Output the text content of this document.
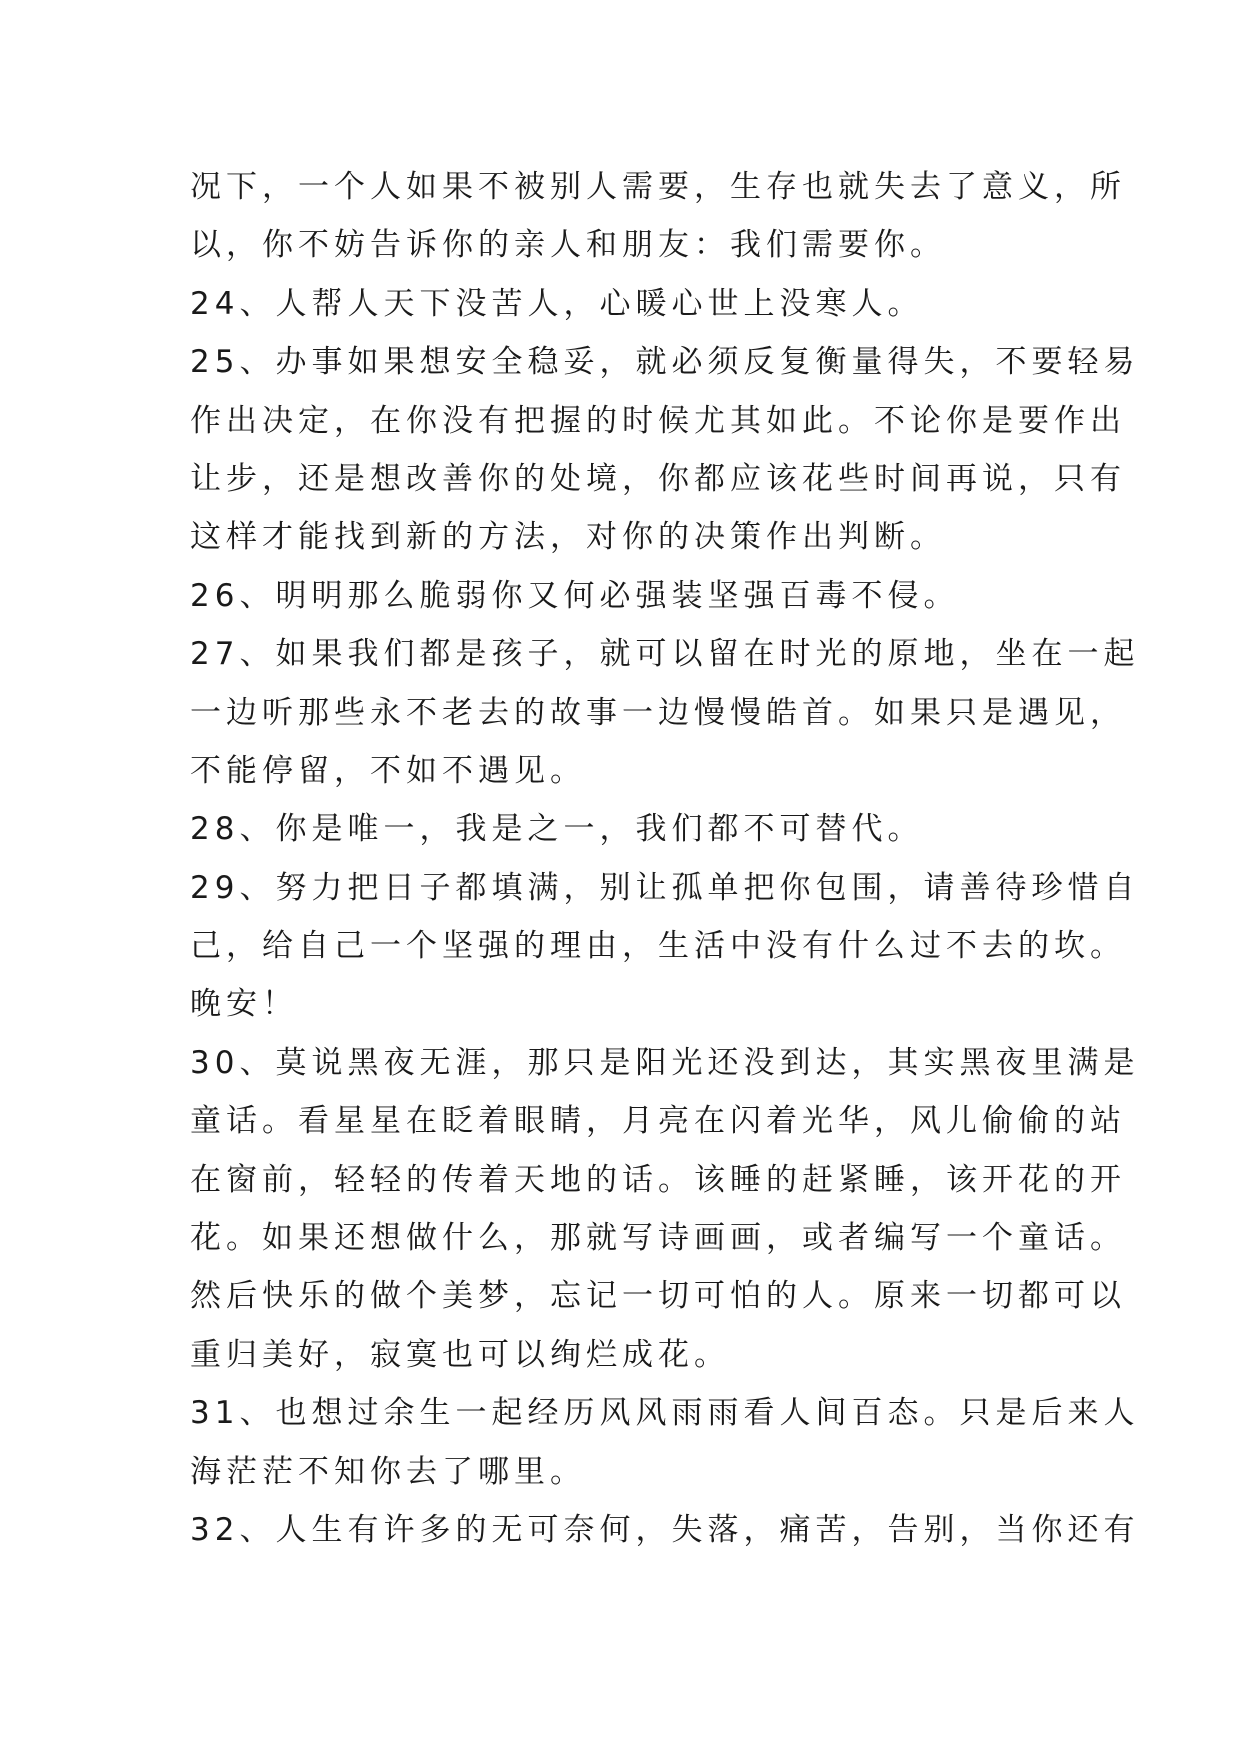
况下，一个人如果不被别人需要，生存也就失去了意义，所
以，你不妨告诉你的亲人和朋友：我们需要你。
24、人帮人天下没苦人，心暖心世上没寒人。
25、办事如果想安全稳妥，就必须反复衡量得失，不要轻易
作出决定，在你没有把握的时候尤其如此。不论你是要作出
让步，还是想改善你的处境，你都应该花些时间再说，只有
这样才能找到新的方法，对你的决策作出判断。
26、明明那么脆弱你又何必强装坚强百毒不侵。
27、如果我们都是孩子，就可以留在时光的原地，坐在一起
一边听那些永不老去的故事一边慢慢皓首。如果只是遇见，
不能停留，不如不遇见。
28、你是唯一，我是之一，我们都不可替代。
29、努力把日子都填满，别让孤单把你包围，请善待珍惜自
己，给自己一个坚强的理由，生活中没有什么过不去的坎。
晚安！
30、莫说黑夜无涯，那只是阳光还没到达，其实黑夜里满是
童话。看星星在眨着眼睛，月亮在闪着光华，风儿偷偷的站
在窗前，轻轻的传着天地的话。该睡的赶紧睡，该开花的开
花。如果还想做什么，那就写诗画画，或者编写一个童话。
然后快乐的做个美梦，忘记一切可怕的人。原来一切都可以
重归美好，寂寞也可以绚烂成花。
31、也想过余生一起经历风风雨雨看人间百态。只是后来人
海茫茫不知你去了哪里。
32、人生有许多的无可奈何，失落，痛苦，告别，当你还有
